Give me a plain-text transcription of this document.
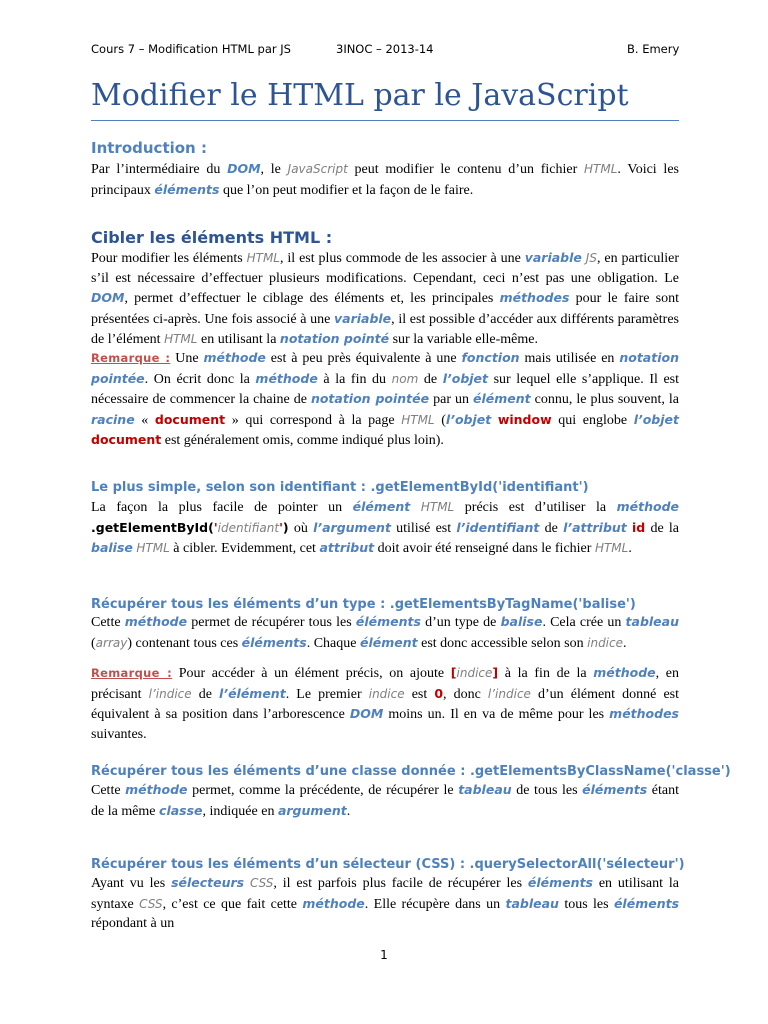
Cours 7 – Modification HTML par JS	3INOC – 2013-14	B. Emery
Modifier le HTML par le JavaScript
Introduction :
Par l’intermédiaire du DOM, le JavaScript peut modifier le contenu d’un fichier HTML. Voici les principaux éléments que l’on peut modifier et la façon de le faire.
Cibler les éléments HTML :
Pour modifier les éléments HTML, il est plus commode de les associer à une variable JS, en particulier s’il est nécessaire d’effectuer plusieurs modifications. Cependant, ceci n’est pas une obligation. Le DOM, permet d’effectuer le ciblage des éléments et, les principales méthodes pour le faire sont présentées ci-après. Une fois associé à une variable, il est possible d’accéder aux différents paramètres de l’élément HTML en utilisant la notation pointé sur la variable elle-même.
Remarque : Une méthode est à peu près équivalente à une fonction mais utilisée en notation pointée. On écrit donc la méthode à la fin du nom de l’objet sur lequel elle s’applique. Il est nécessaire de commencer la chaine de notation pointée par un élément connu, le plus souvent, la racine « document » qui correspond à la page HTML (l’objet window qui englobe l’objet document est généralement omis, comme indiqué plus loin).
Le plus simple, selon son identifiant : .getElementById('identifiant')
La façon la plus facile de pointer un élément HTML précis est d’utiliser la méthode .getElementById('identifiant') où l’argument utilisé est l’identifiant de l’attribut id de la balise HTML à cibler. Evidemment, cet attribut doit avoir été renseigné dans le fichier HTML.
Récupérer tous les éléments d’un type : .getElementsByTagName('balise')
Cette méthode permet de récupérer tous les éléments d’un type de balise. Cela crée un tableau (array) contenant tous ces éléments. Chaque élément est donc accessible selon son indice.
Remarque : Pour accéder à un élément précis, on ajoute [indice] à la fin de la méthode, en précisant l’indice de l’élément. Le premier indice est 0, donc l’indice d’un élément donné est équivalent à sa position dans l’arborescence DOM moins un. Il en va de même pour les méthodes suivantes.
Récupérer tous les éléments d’une classe donnée : .getElementsByClassName('classe')
Cette méthode permet, comme la précédente, de récupérer le tableau de tous les éléments étant de la même classe, indiquée en argument.
Récupérer tous les éléments d’un sélecteur (CSS) : .querySelectorAll('sélecteur')
Ayant vu les sélecteurs CSS, il est parfois plus facile de récupérer les éléments en utilisant la syntaxe CSS, c’est ce que fait cette méthode. Elle récupère dans un tableau tous les éléments répondant à un
1
